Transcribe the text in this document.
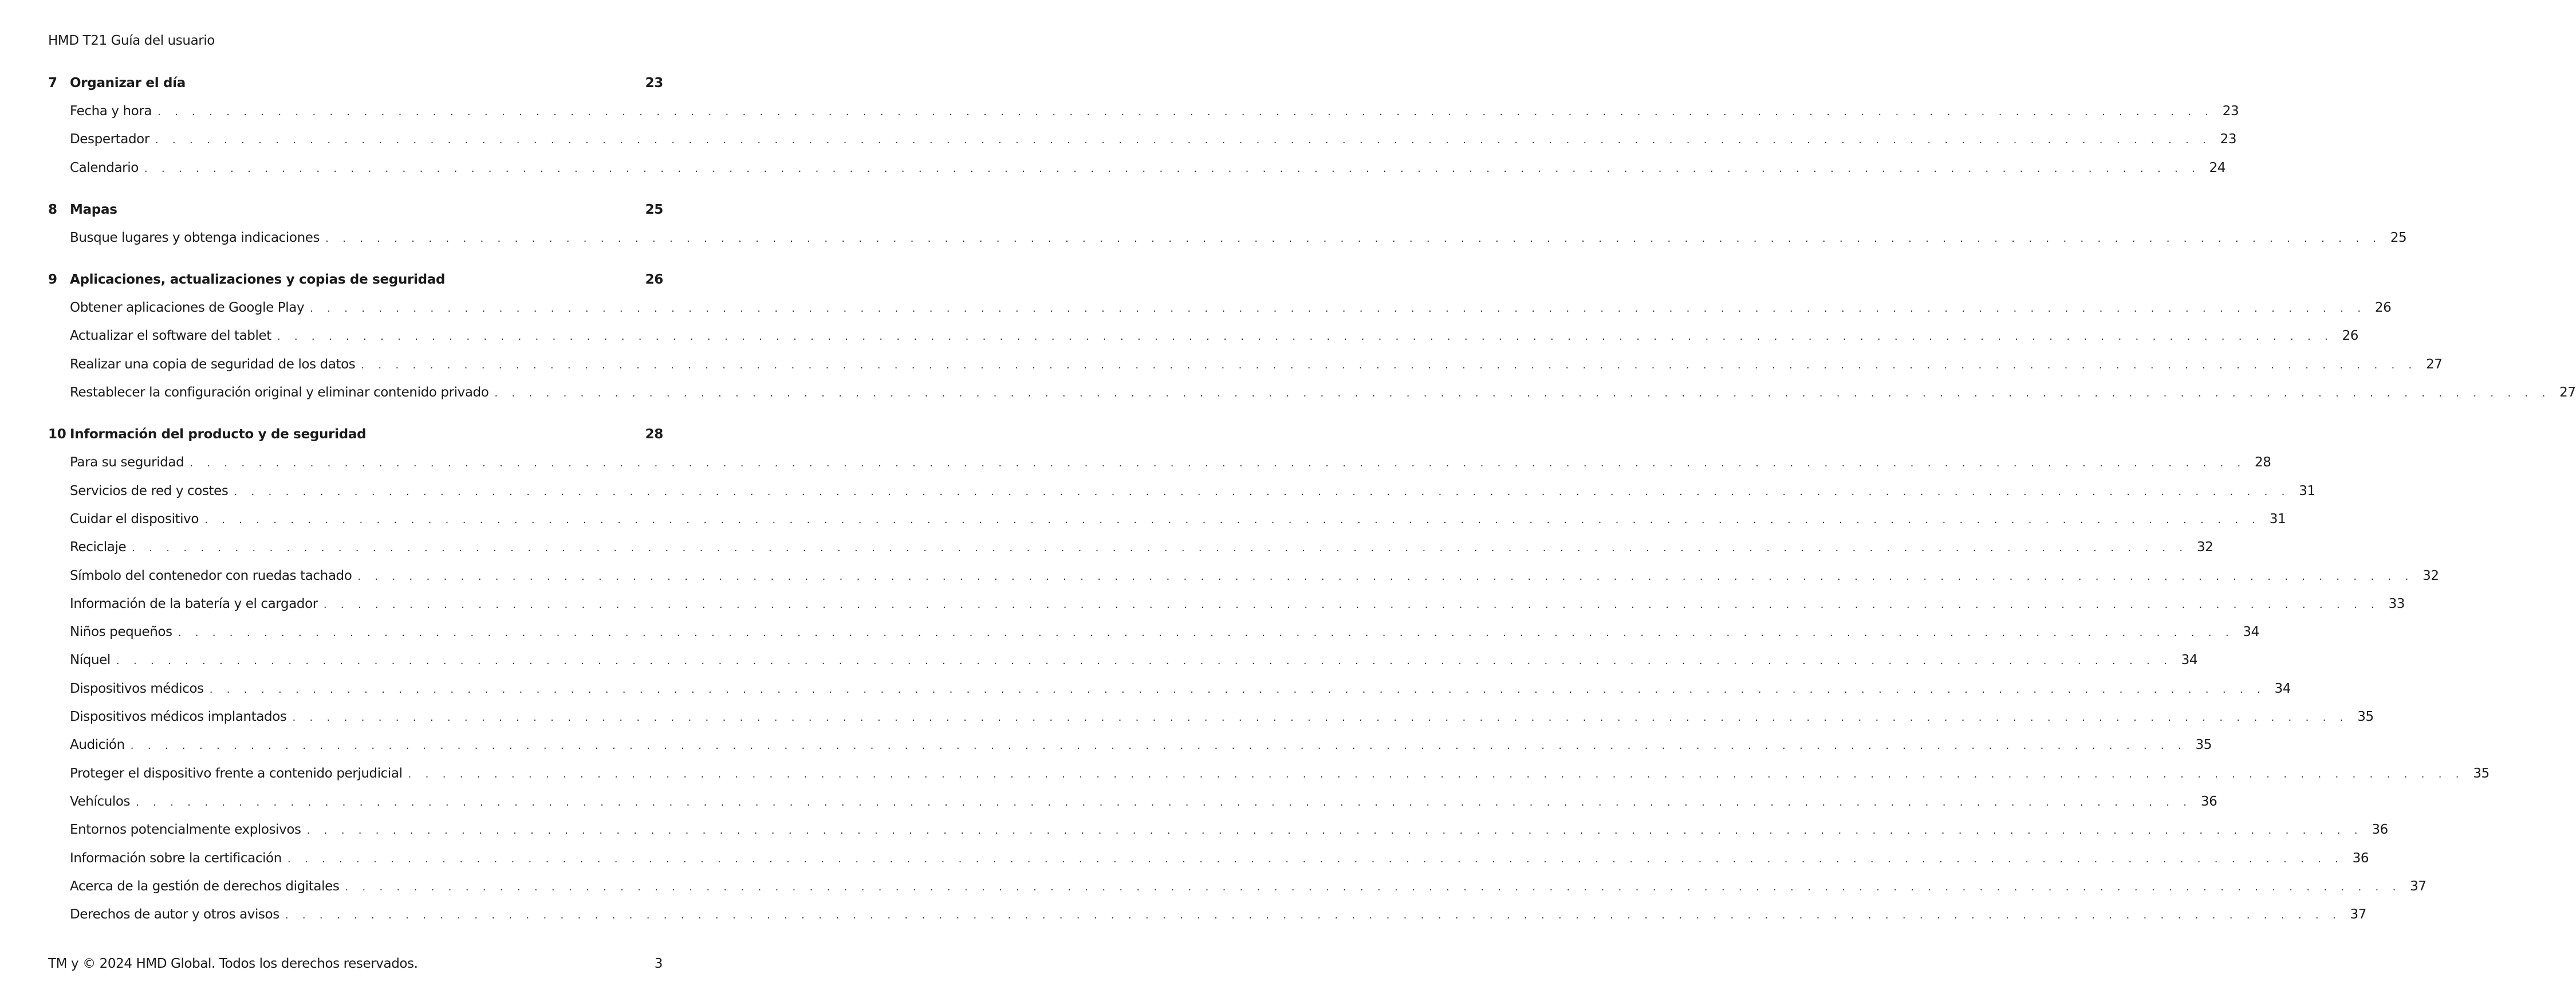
HMD T21 Guía del usuario
7 Organizar el día	23
Fecha y hora . . . . . . . . . . . . . . . . . . . . . . . . . . . . . . . . . . . . . . . . . . . . . . . . . . . . . . . . . . . . . . . . . . . . . . . . . . . . . . . . . . . . . . . . . . . . . . . . . . . . . . . . . . . . . . . . . . . . . . . . 23
Despertador . . . . . . . . . . . . . . . . . . . . . . . . . . . . . . . . . . . . . . . . . . . . . . . . . . . . . . . . . . . . . . . . . . . . . . . . . . . . . . . . . . . . . . . . . . . . . . . . . . . . . . . . . . . . . . . . . . . . . . . . 23
Calendario . . . . . . . . . . . . . . . . . . . . . . . . . . . . . . . . . . . . . . . . . . . . . . . . . . . . . . . . . . . . . . . . . . . . . . . . . . . . . . . . . . . . . . . . . . . . . . . . . . . . . . . . . . . . . . . . . . . . . . . . 24
8 Mapas	25
Busque lugares y obtenga indicaciones . . . . . . . . . . . . . . . . . . . . . . . . . . . . . . . . . . . . . . . . . . . . . . . . . . . . . . . . . . . . . . . . . . . . . . . . . . . . . . . . . . . . . . . . . . . . . . . . . . . . . . . . . . . . . . . . . . . . . . . . 25
9 Aplicaciones, actualizaciones y copias de seguridad	26
Obtener aplicaciones de Google Play . . . . . . . . . . . . . . . . . . . . . . . . . . . . . . . . . . . . . . . . . . . . . . . . . . . . . . . . . . . . . . . . . . . . . . . . . . . . . . . . . . . . . . . . . . . . . . . . . . . . . . . . . . . . . . . . . . . . . . . . 26
Actualizar el software del tablet . . . . . . . . . . . . . . . . . . . . . . . . . . . . . . . . . . . . . . . . . . . . . . . . . . . . . . . . . . . . . . . . . . . . . . . . . . . . . . . . . . . . . . . . . . . . . . . . . . . . . . . . . . . . . . . . . . . . . . . . 26
Realizar una copia de seguridad de los datos . . . . . . . . . . . . . . . . . . . . . . . . . . . . . . . . . . . . . . . . . . . . . . . . . . . . . . . . . . . . . . . . . . . . . . . . . . . . . . . . . . . . . . . . . . . . . . . . . . . . . . . . . . . . . . . . . . . . . . . . 27
Restablecer la configuración original y eliminar contenido privado . . . . . . . . . . . . . . . . . . . . . . . . . . . . . . . . . . . . . . . . . . . . . . . . . . . . . . . . . . . . . . . . . . . . . . . . . . . . . . . . . . . . . . . . . . . . . . . . . . . . . . . . . . . . . . . . . . . . . . . . 27
10 Información del producto y de seguridad	28
Para su seguridad . . . . . . . . . . . . . . . . . . . . . . . . . . . . . . . . . . . . . . . . . . . . . . . . . . . . . . . . . . . . . . . . . . . . . . . . . . . . . . . . . . . . . . . . . . . . . . . . . . . . . . . . . . . . . . . . . . . . . . . . 28
Servicios de red y costes . . . . . . . . . . . . . . . . . . . . . . . . . . . . . . . . . . . . . . . . . . . . . . . . . . . . . . . . . . . . . . . . . . . . . . . . . . . . . . . . . . . . . . . . . . . . . . . . . . . . . . . . . . . . . . . . . . . . . . . . 31
Cuidar el dispositivo . . . . . . . . . . . . . . . . . . . . . . . . . . . . . . . . . . . . . . . . . . . . . . . . . . . . . . . . . . . . . . . . . . . . . . . . . . . . . . . . . . . . . . . . . . . . . . . . . . . . . . . . . . . . . . . . . . . . . . . . 31
Reciclaje . . . . . . . . . . . . . . . . . . . . . . . . . . . . . . . . . . . . . . . . . . . . . . . . . . . . . . . . . . . . . . . . . . . . . . . . . . . . . . . . . . . . . . . . . . . . . . . . . . . . . . . . . . . . . . . . . . . . . . . . 32
Símbolo del contenedor con ruedas tachado . . . . . . . . . . . . . . . . . . . . . . . . . . . . . . . . . . . . . . . . . . . . . . . . . . . . . . . . . . . . . . . . . . . . . . . . . . . . . . . . . . . . . . . . . . . . . . . . . . . . . . . . . . . . . . . . . . . . . . . . 32
Información de la batería y el cargador . . . . . . . . . . . . . . . . . . . . . . . . . . . . . . . . . . . . . . . . . . . . . . . . . . . . . . . . . . . . . . . . . . . . . . . . . . . . . . . . . . . . . . . . . . . . . . . . . . . . . . . . . . . . . . . . . . . . . . . . 33
Niños pequeños . . . . . . . . . . . . . . . . . . . . . . . . . . . . . . . . . . . . . . . . . . . . . . . . . . . . . . . . . . . . . . . . . . . . . . . . . . . . . . . . . . . . . . . . . . . . . . . . . . . . . . . . . . . . . . . . . . . . . . . . 34
Níquel . . . . . . . . . . . . . . . . . . . . . . . . . . . . . . . . . . . . . . . . . . . . . . . . . . . . . . . . . . . . . . . . . . . . . . . . . . . . . . . . . . . . . . . . . . . . . . . . . . . . . . . . . . . . . . . . . . . . . . . . 34
Dispositivos médicos . . . . . . . . . . . . . . . . . . . . . . . . . . . . . . . . . . . . . . . . . . . . . . . . . . . . . . . . . . . . . . . . . . . . . . . . . . . . . . . . . . . . . . . . . . . . . . . . . . . . . . . . . . . . . . . . . . . . . . . . 34
Dispositivos médicos implantados . . . . . . . . . . . . . . . . . . . . . . . . . . . . . . . . . . . . . . . . . . . . . . . . . . . . . . . . . . . . . . . . . . . . . . . . . . . . . . . . . . . . . . . . . . . . . . . . . . . . . . . . . . . . . . . . . . . . . . . . 35
Audición . . . . . . . . . . . . . . . . . . . . . . . . . . . . . . . . . . . . . . . . . . . . . . . . . . . . . . . . . . . . . . . . . . . . . . . . . . . . . . . . . . . . . . . . . . . . . . . . . . . . . . . . . . . . . . . . . . . . . . . . 35
Proteger el dispositivo frente a contenido perjudicial . . . . . . . . . . . . . . . . . . . . . . . . . . . . . . . . . . . . . . . . . . . . . . . . . . . . . . . . . . . . . . . . . . . . . . . . . . . . . . . . . . . . . . . . . . . . . . . . . . . . . . . . . . . . . . . . . . . . . . . . 35
Vehículos . . . . . . . . . . . . . . . . . . . . . . . . . . . . . . . . . . . . . . . . . . . . . . . . . . . . . . . . . . . . . . . . . . . . . . . . . . . . . . . . . . . . . . . . . . . . . . . . . . . . . . . . . . . . . . . . . . . . . . . . 36
Entornos potencialmente explosivos . . . . . . . . . . . . . . . . . . . . . . . . . . . . . . . . . . . . . . . . . . . . . . . . . . . . . . . . . . . . . . . . . . . . . . . . . . . . . . . . . . . . . . . . . . . . . . . . . . . . . . . . . . . . . . . . . . . . . . . . 36
Información sobre la certificación . . . . . . . . . . . . . . . . . . . . . . . . . . . . . . . . . . . . . . . . . . . . . . . . . . . . . . . . . . . . . . . . . . . . . . . . . . . . . . . . . . . . . . . . . . . . . . . . . . . . . . . . . . . . . . . . . . . . . . . . 36
Acerca de la gestión de derechos digitales . . . . . . . . . . . . . . . . . . . . . . . . . . . . . . . . . . . . . . . . . . . . . . . . . . . . . . . . . . . . . . . . . . . . . . . . . . . . . . . . . . . . . . . . . . . . . . . . . . . . . . . . . . . . . . . . . . . . . . . . 37
Derechos de autor y otros avisos . . . . . . . . . . . . . . . . . . . . . . . . . . . . . . . . . . . . . . . . . . . . . . . . . . . . . . . . . . . . . . . . . . . . . . . . . . . . . . . . . . . . . . . . . . . . . . . . . . . . . . . . . . . . . . . . . . . . . . . . 37
TM y © 2024 HMD Global. Todos los derechos reservados.	3
